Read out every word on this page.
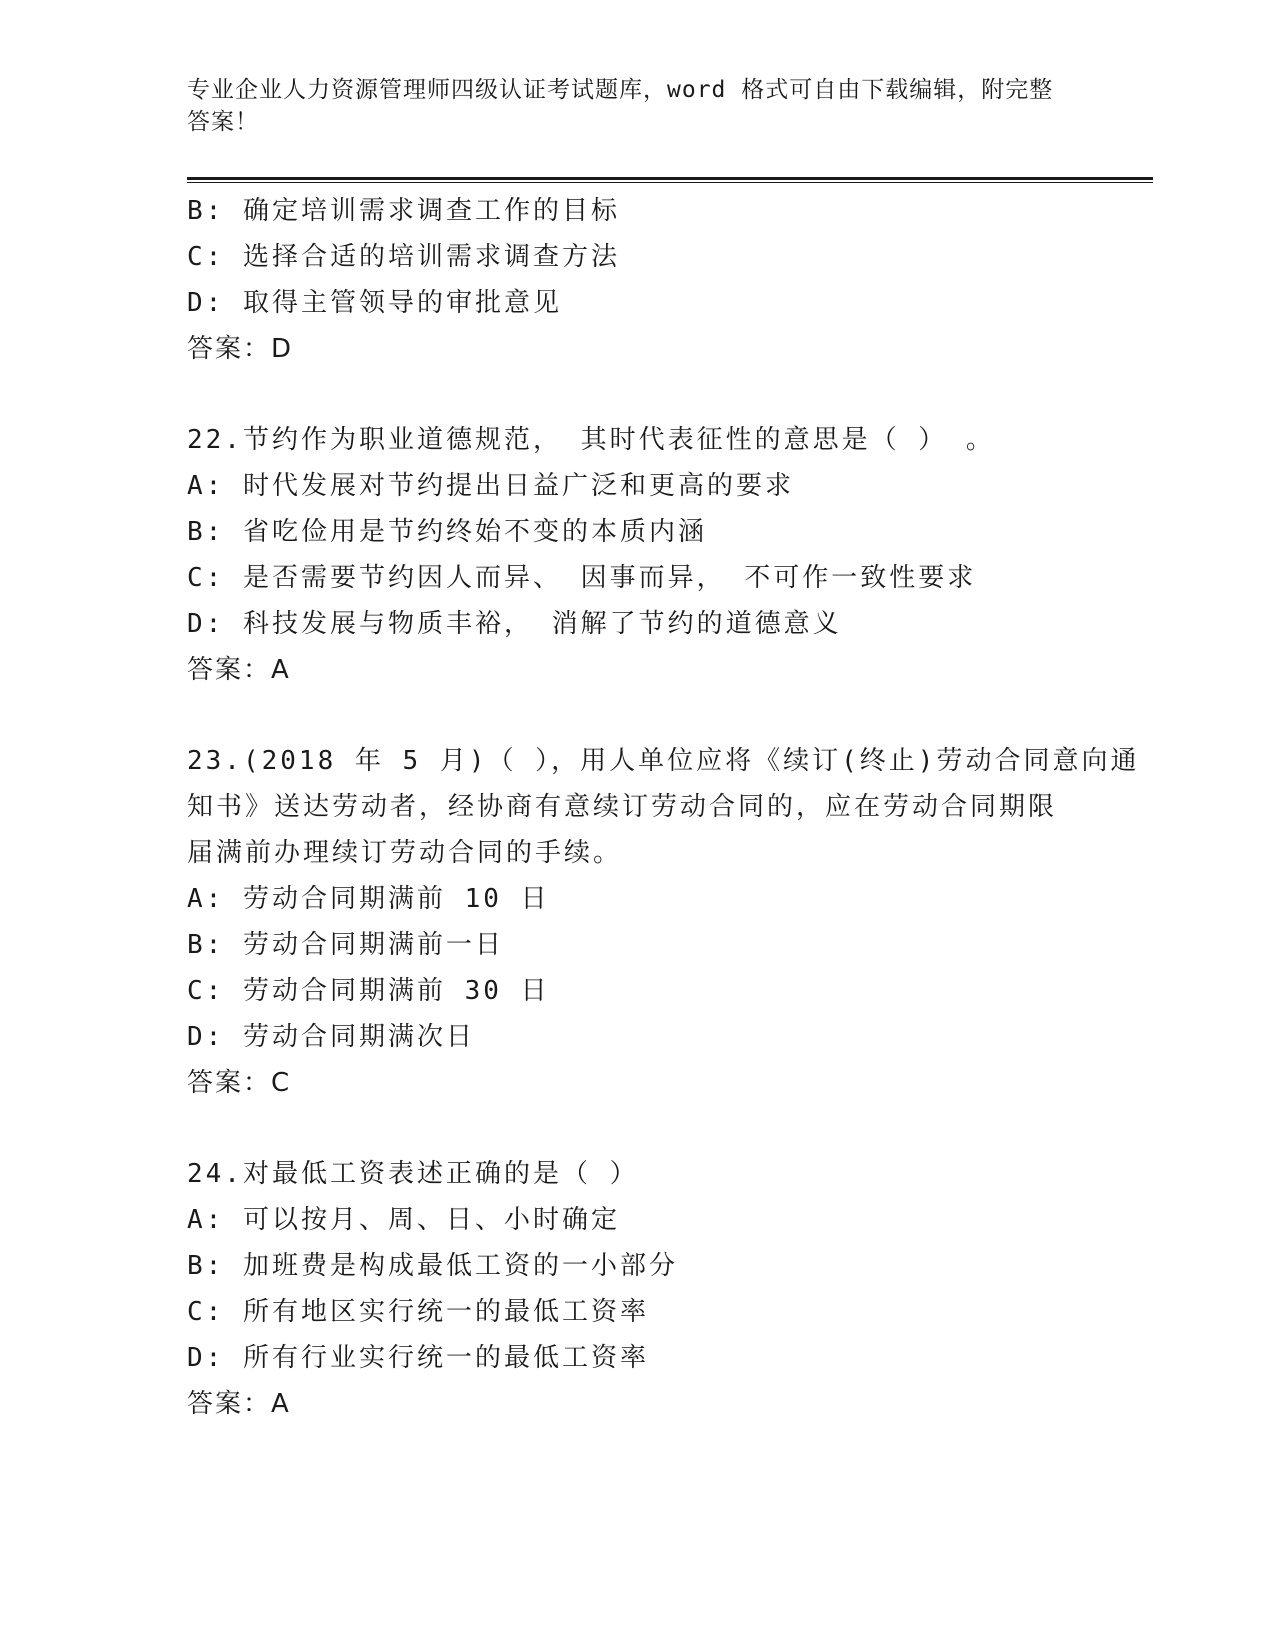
专业企业人力资源管理师四级认证考试题库，word 格式可自由下载编辑，附完整
答案！
B: 确定培训需求调查工作的目标
C: 选择合适的培训需求调查方法
D: 取得主管领导的审批意见
答案：D
22.节约作为职业道德规范， 其时代表征性的意思是（ ） 。
A: 时代发展对节约提出日益广泛和更高的要求
B: 省吃俭用是节约终始不变的本质内涵
C: 是否需要节约因人而异、 因事而异， 不可作一致性要求
D: 科技发展与物质丰裕， 消解了节约的道德意义
答案：A
23.(2018 年 5 月)（ ），用人单位应将《续订(终止)劳动合同意向通
知书》送达劳动者，经协商有意续订劳动合同的，应在劳动合同期限
届满前办理续订劳动合同的手续。
A: 劳动合同期满前 10 日
B: 劳动合同期满前一日
C: 劳动合同期满前 30 日
D: 劳动合同期满次日
答案：C
24.对最低工资表述正确的是（ ）
A: 可以按月、周、日、小时确定
B: 加班费是构成最低工资的一小部分
C: 所有地区实行统一的最低工资率
D: 所有行业实行统一的最低工资率
答案：A
